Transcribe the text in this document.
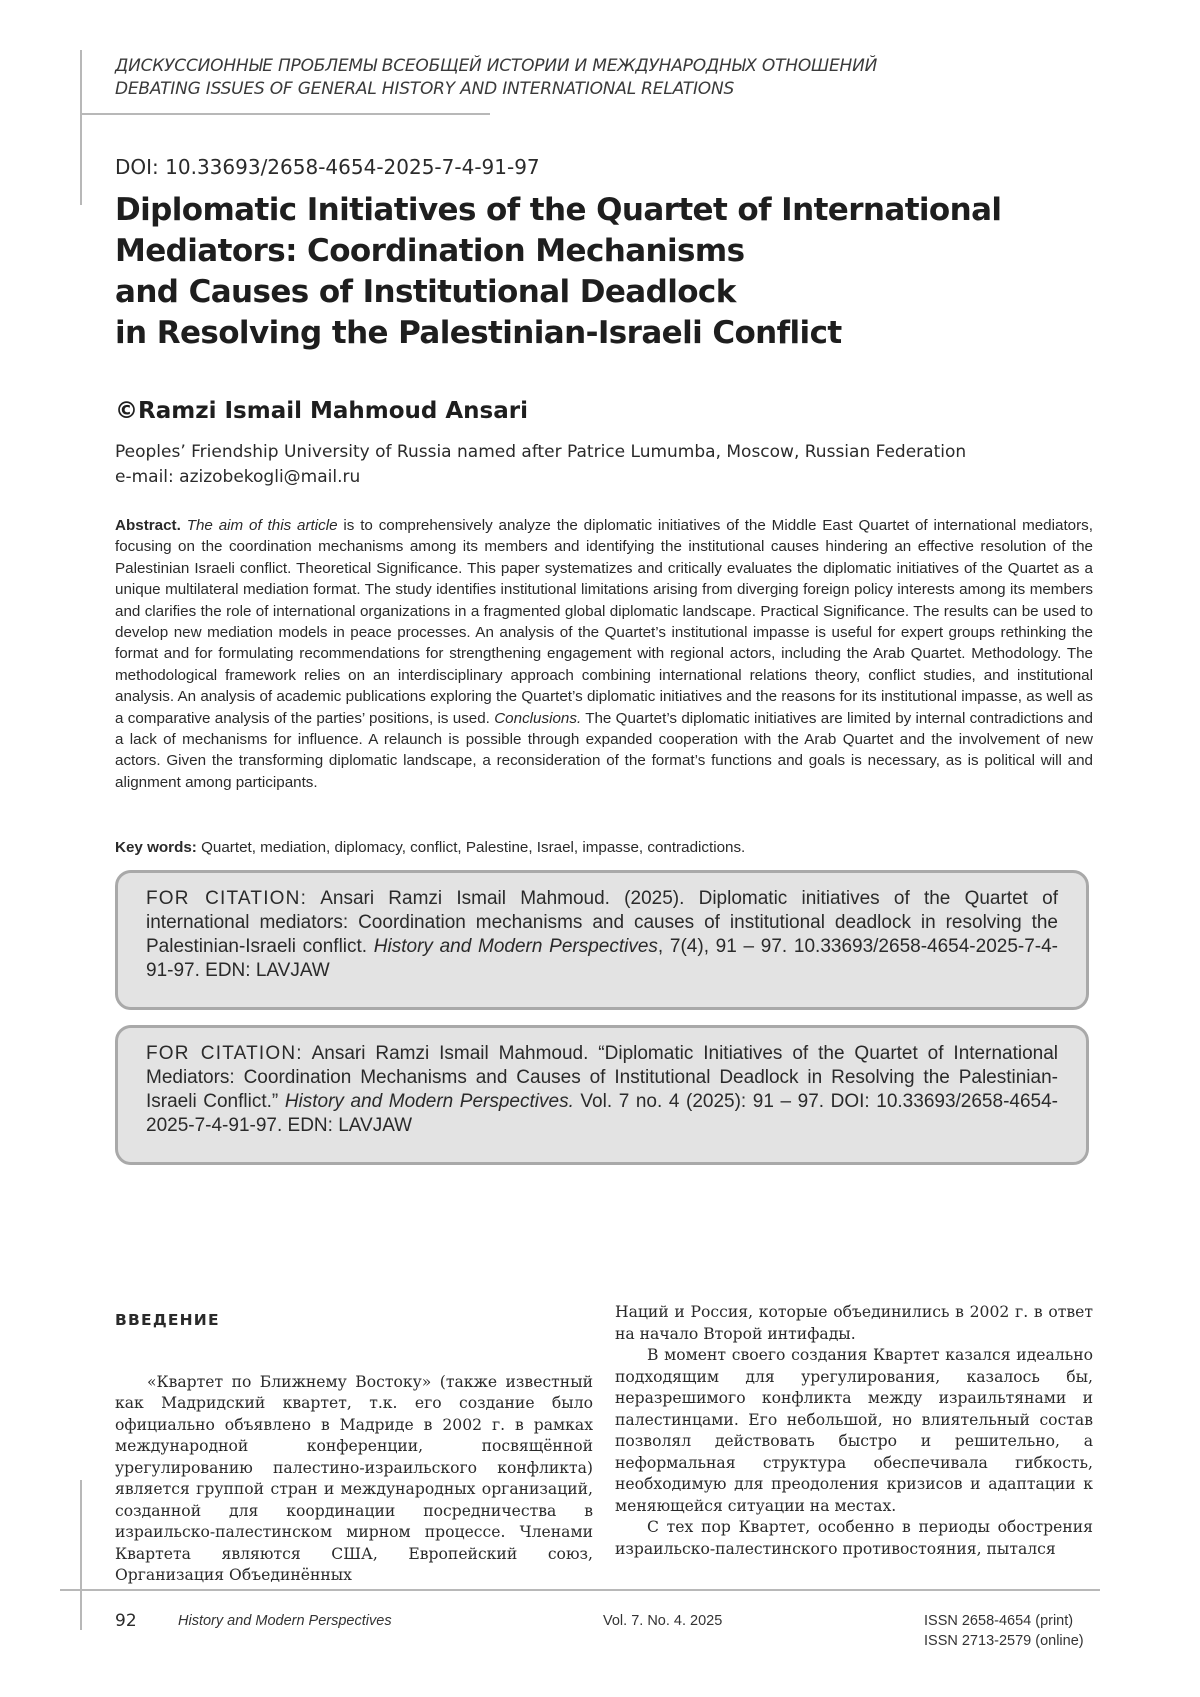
ДИСКУССИОННЫЕ ПРОБЛЕМЫ ВСЕОБЩЕЙ ИСТОРИИ И МЕЖДУНАРОДНЫХ ОТНОШЕНИЙ
DEBATING ISSUES OF GENERAL HISTORY AND INTERNATIONAL RELATIONS
DOI: 10.33693/2658-4654-2025-7-4-91-97
Diplomatic Initiatives of the Quartet of International
Mediators: Coordination Mechanisms
and Causes of Institutional Deadlock
in Resolving the Palestinian-Israeli Conflict
©Ramzi Ismail Mahmoud Ansari
Peoples’ Friendship University of Russia named after Patrice Lumumba, Moscow, Russian Federation
e-mail: azizobekogli@mail.ru

Abstract. The aim of this article is to comprehensively analyze the diplomatic initiatives of the Middle East Quartet of international mediators, focusing on the coordination mechanisms among its members and identifying the institutional causes hindering an effective resolution of the Palestinian Israeli conflict. Theoretical Significance. This paper systematizes and critically evaluates the diplomatic initiatives of the Quartet as a unique multilateral mediation format. The study identifies institutional limitations arising from diverging foreign policy interests among its members and clarifies the role of international organizations in a fragmented global diplomatic landscape. Practical Significance. The results can be used to develop new mediation models in peace processes. An analysis of the Quartet’s institutional impasse is useful for expert groups rethinking the format and for formulating recommendations for strengthening engagement with regional actors, including the Arab Quartet. Methodology. The methodological framework relies on an interdisciplinary approach combining international relations theory, conflict studies, and institutional analysis. An analysis of academic publications exploring the Quartet’s diplomatic initiatives and the reasons for its institutional impasse, as well as a comparative analysis of the parties’ positions, is used. Conclusions. The Quartet’s diplomatic initiatives are limited by internal contradictions and a lack of mechanisms for influence. A relaunch is possible through expanded cooperation with the Arab Quartet and the involvement of new actors. Given the transforming diplomatic landscape, a reconsideration of the format’s functions and goals is necessary, as is political will and alignment among participants.

Key words: Quartet, mediation, diplomacy, conflict, Palestine, Israel, impasse, contradictions.
FOR CITATION: Ansari Ramzi Ismail Mahmoud. (2025). Diplomatic initiatives of the Quartet of international mediators: Coordination mechanisms and causes of institutional deadlock in resolving the Palestinian-Israeli conflict. History and Modern Perspectives, 7(4), 91 – 97. 10.33693/2658-4654-2025-7-4-91-97. EDN: LAVJAW
FOR CITATION: Ansari Ramzi Ismail Mahmoud. “Diplomatic Initiatives of the Quartet of International Mediators: Coordination Mechanisms and Causes of Institutional Deadlock in Resolving the Palestinian-Israeli Conflict.” History and Modern Perspectives. Vol. 7 no. 4 (2025): 91 – 97. DOI: 10.33693/2658-4654-2025-7-4-91-97. EDN: LAVJAW
ВВЕДЕНИЕ

«Квартет по Ближнему Востоку» (также известный как Мадридский квартет, т.к. его создание было официально объявлено в Мадриде в 2002 г. в рамках международной конференции, посвящённой урегулированию палестино-израильского конфликта) является группой стран и международных организаций, созданной для координации посредничества в израильско-палестинском мирном процессе. Членами Квартета являются США, Европейский союз, Организация Объединённых

Наций и Россия, которые объединились в 2002 г. в ответ на начало Второй интифады.

В момент своего создания Квартет казался идеально подходящим для урегулирования, казалось бы, неразрешимого конфликта между израильтянами и палестинцами. Его небольшой, но влиятельный состав позволял действовать быстро и решительно, а неформальная структура обеспечивала гибкость, необходимую для преодоления кризисов и адаптации к меняющейся ситуации на местах.

С тех пор Квартет, особенно в периоды обострения израильско-палестинского противостояния, пытался

92	History and Modern Perspectives	Vol. 7. No. 4. 2025	ISSN 2658-4654 (print)
ISSN 2713-2579 (online)
